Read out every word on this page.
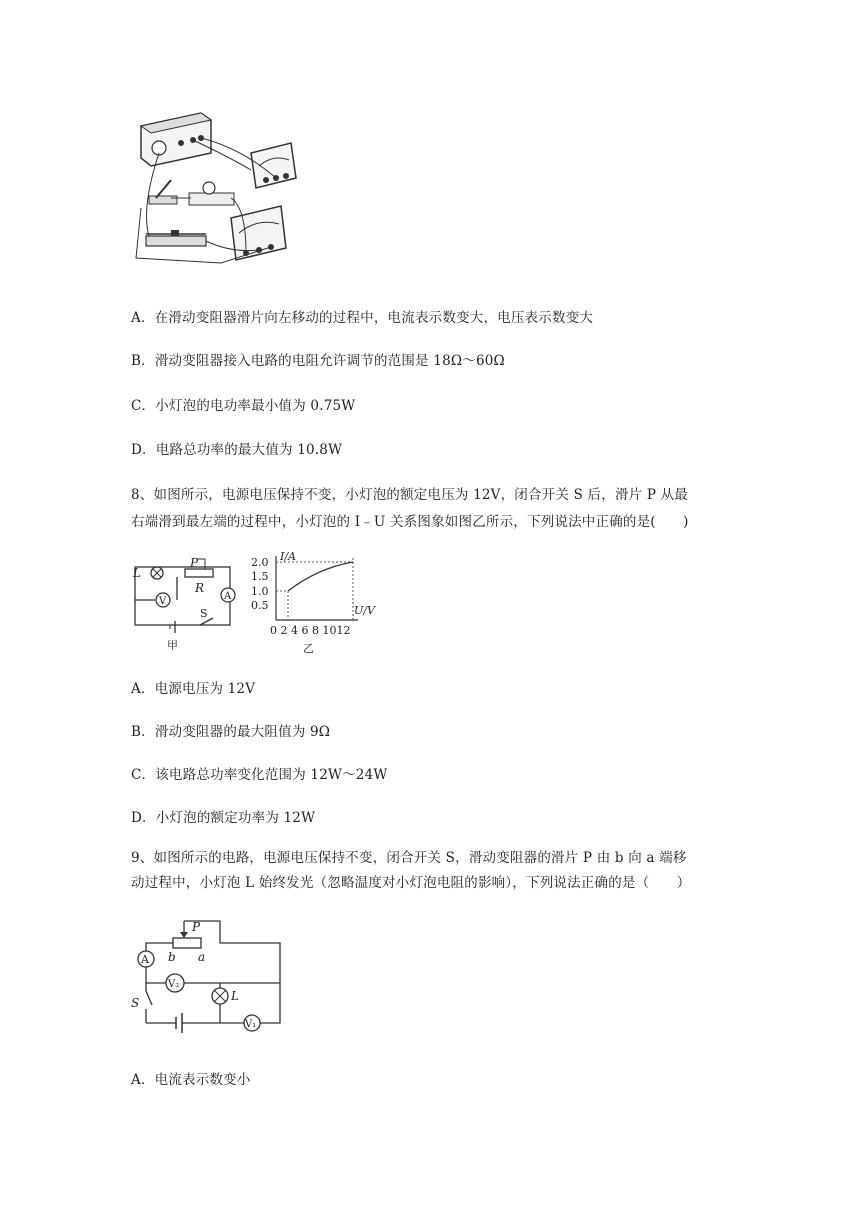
A．在滑动变阻器滑片向左移动的过程中，电流表示数变大，电压表示数变大
B．滑动变阻器接入电路的电阻允许调节的范围是 18Ω～60Ω
C．小灯泡的电功率最小值为 0.75W
D．电路总功率的最大值为 10.8W
8、如图所示，电源电压保持不变，小灯泡的额定电压为 12V，闭合开关 S 后，滑片 P 从最
右端滑到最左端的过程中，小灯泡的 I﹣U 关系图象如图乙所示，下列说法中正确的是(　　)
L
P
R
V	A
S
甲
I/A
U/V
2.0
1.5
1.0
0.5
0 2 4 6 8 1012
乙
A．电源电压为 12V
B．滑动变阻器的最大阻值为 9Ω
C．该电路总功率变化范围为 12W～24W
D．小灯泡的额定功率为 12W
9、如图所示的电路，电源电压保持不变，闭合开关 S，滑动变阻器的滑片 P 由 b 向 a 端移
动过程中，小灯泡 L 始终发光（忽略温度对小灯泡电阻的影响），下列说法正确的是（　　）
P
b a
A
V₂
S	L
V₁
A．电流表示数变小
